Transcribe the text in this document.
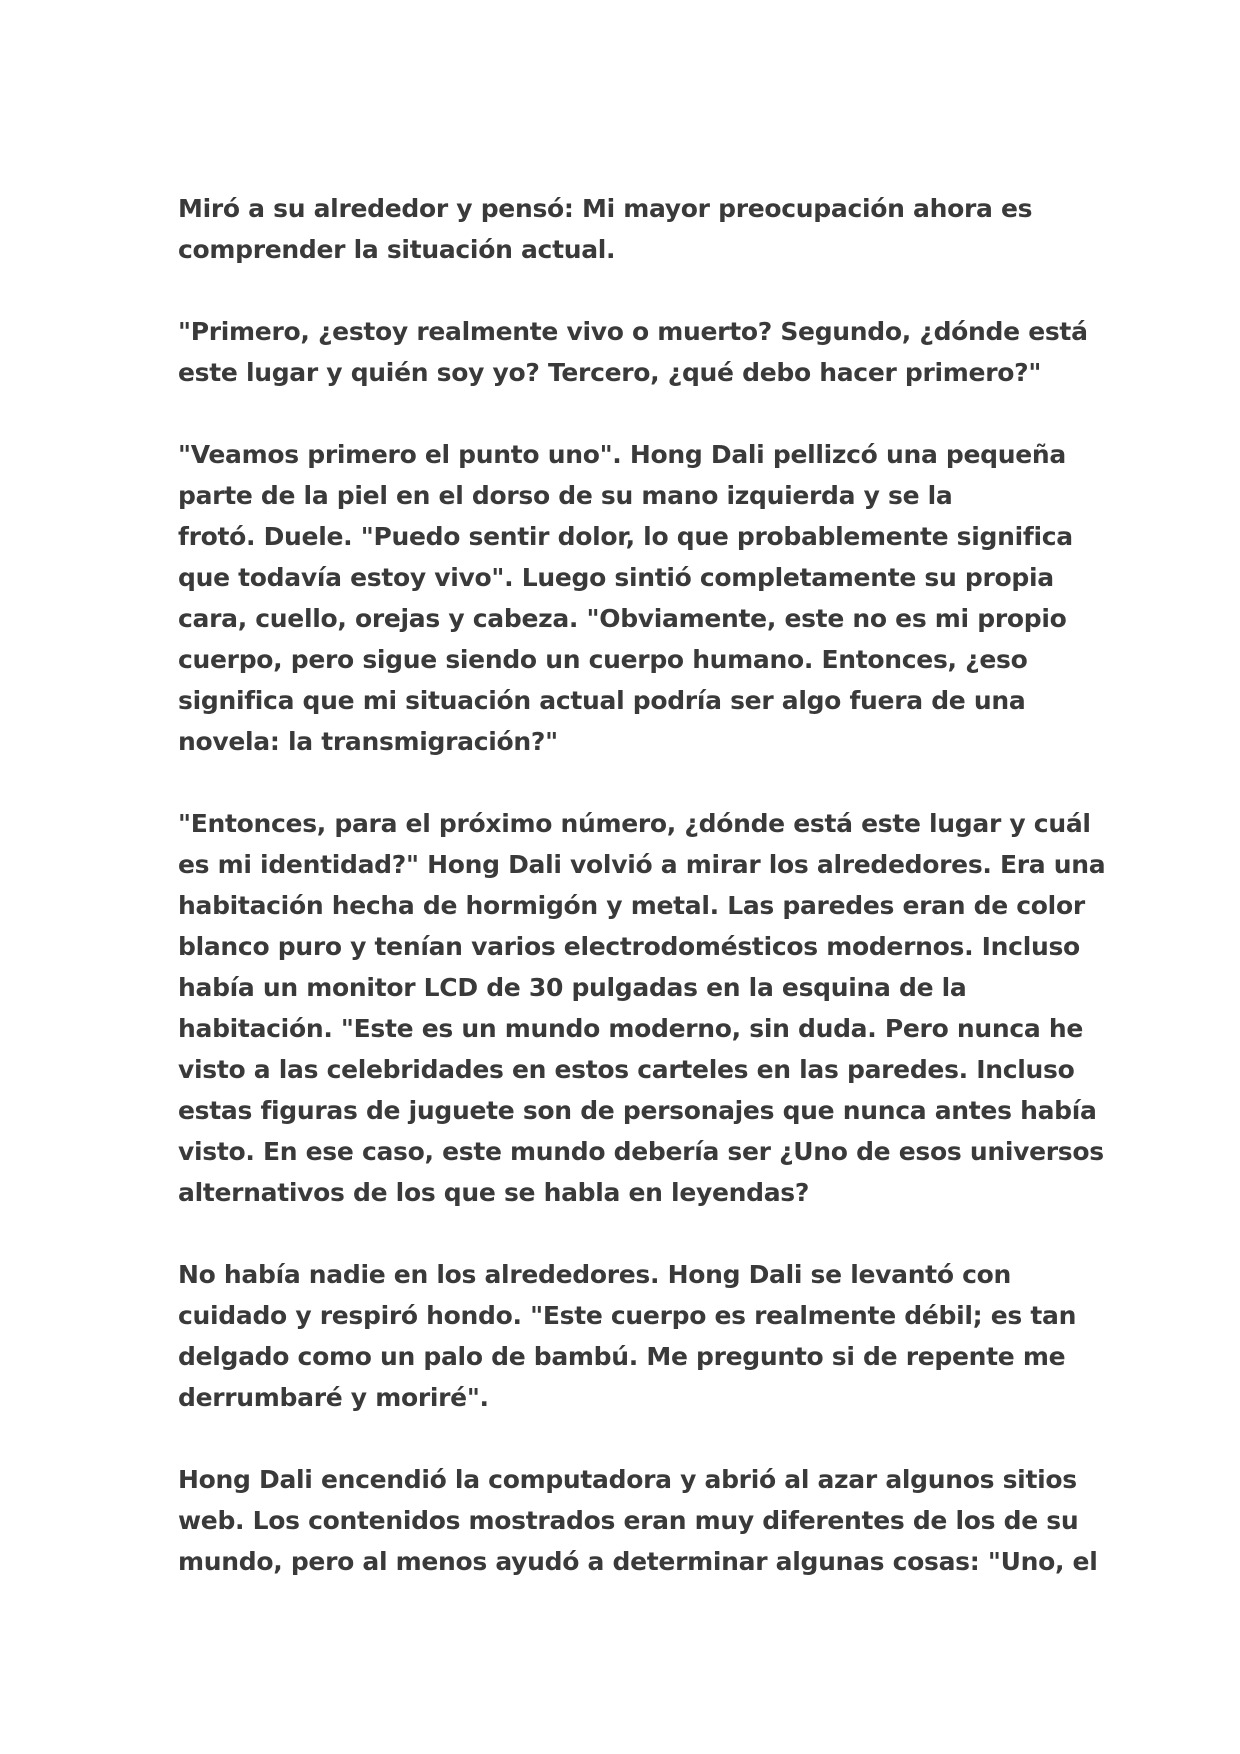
Miró a su alrededor y pensó: Mi mayor preocupación ahora es
comprender la situación actual.

"Primero, ¿estoy realmente vivo o muerto? Segundo, ¿dónde está
este lugar y quién soy yo? Tercero, ¿qué debo hacer primero?"

"Veamos primero el punto uno". Hong Dali pellizcó una pequeña
parte de la piel en el dorso de su mano izquierda y se la
frotó. Duele. "Puedo sentir dolor, lo que probablemente significa
que todavía estoy vivo". Luego sintió completamente su propia
cara, cuello, orejas y cabeza. "Obviamente, este no es mi propio
cuerpo, pero sigue siendo un cuerpo humano. Entonces, ¿eso
significa que mi situación actual podría ser algo fuera de una
novela: la transmigración?"

"Entonces, para el próximo número, ¿dónde está este lugar y cuál
es mi identidad?" Hong Dali volvió a mirar los alrededores. Era una
habitación hecha de hormigón y metal. Las paredes eran de color
blanco puro y tenían varios electrodomésticos modernos. Incluso
había un monitor LCD de 30 pulgadas en la esquina de la
habitación. "Este es un mundo moderno, sin duda. Pero nunca he
visto a las celebridades en estos carteles en las paredes. Incluso
estas figuras de juguete son de personajes que nunca antes había
visto. En ese caso, este mundo debería ser ¿Uno de esos universos
alternativos de los que se habla en leyendas?

No había nadie en los alrededores. Hong Dali se levantó con
cuidado y respiró hondo. "Este cuerpo es realmente débil; es tan
delgado como un palo de bambú. Me pregunto si de repente me
derrumbaré y moriré".

Hong Dali encendió la computadora y abrió al azar algunos sitios
web. Los contenidos mostrados eran muy diferentes de los de su
mundo, pero al menos ayudó a determinar algunas cosas: "Uno, el
